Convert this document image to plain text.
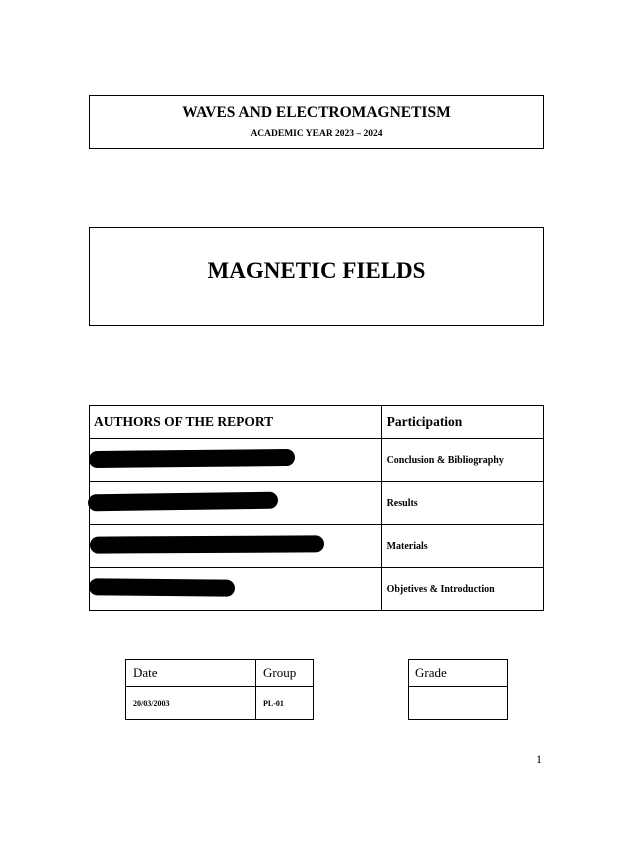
WAVES AND ELECTROMAGNETISM
ACADEMIC YEAR 2023 – 2024
MAGNETIC FIELDS
AUTHORS OF THE REPORT	Participation
	Conclusion & Bibliography
	Results
	Materials
	Objetives & Introduction
Date	Group
20/03/2003	PL-01
Grade

1
